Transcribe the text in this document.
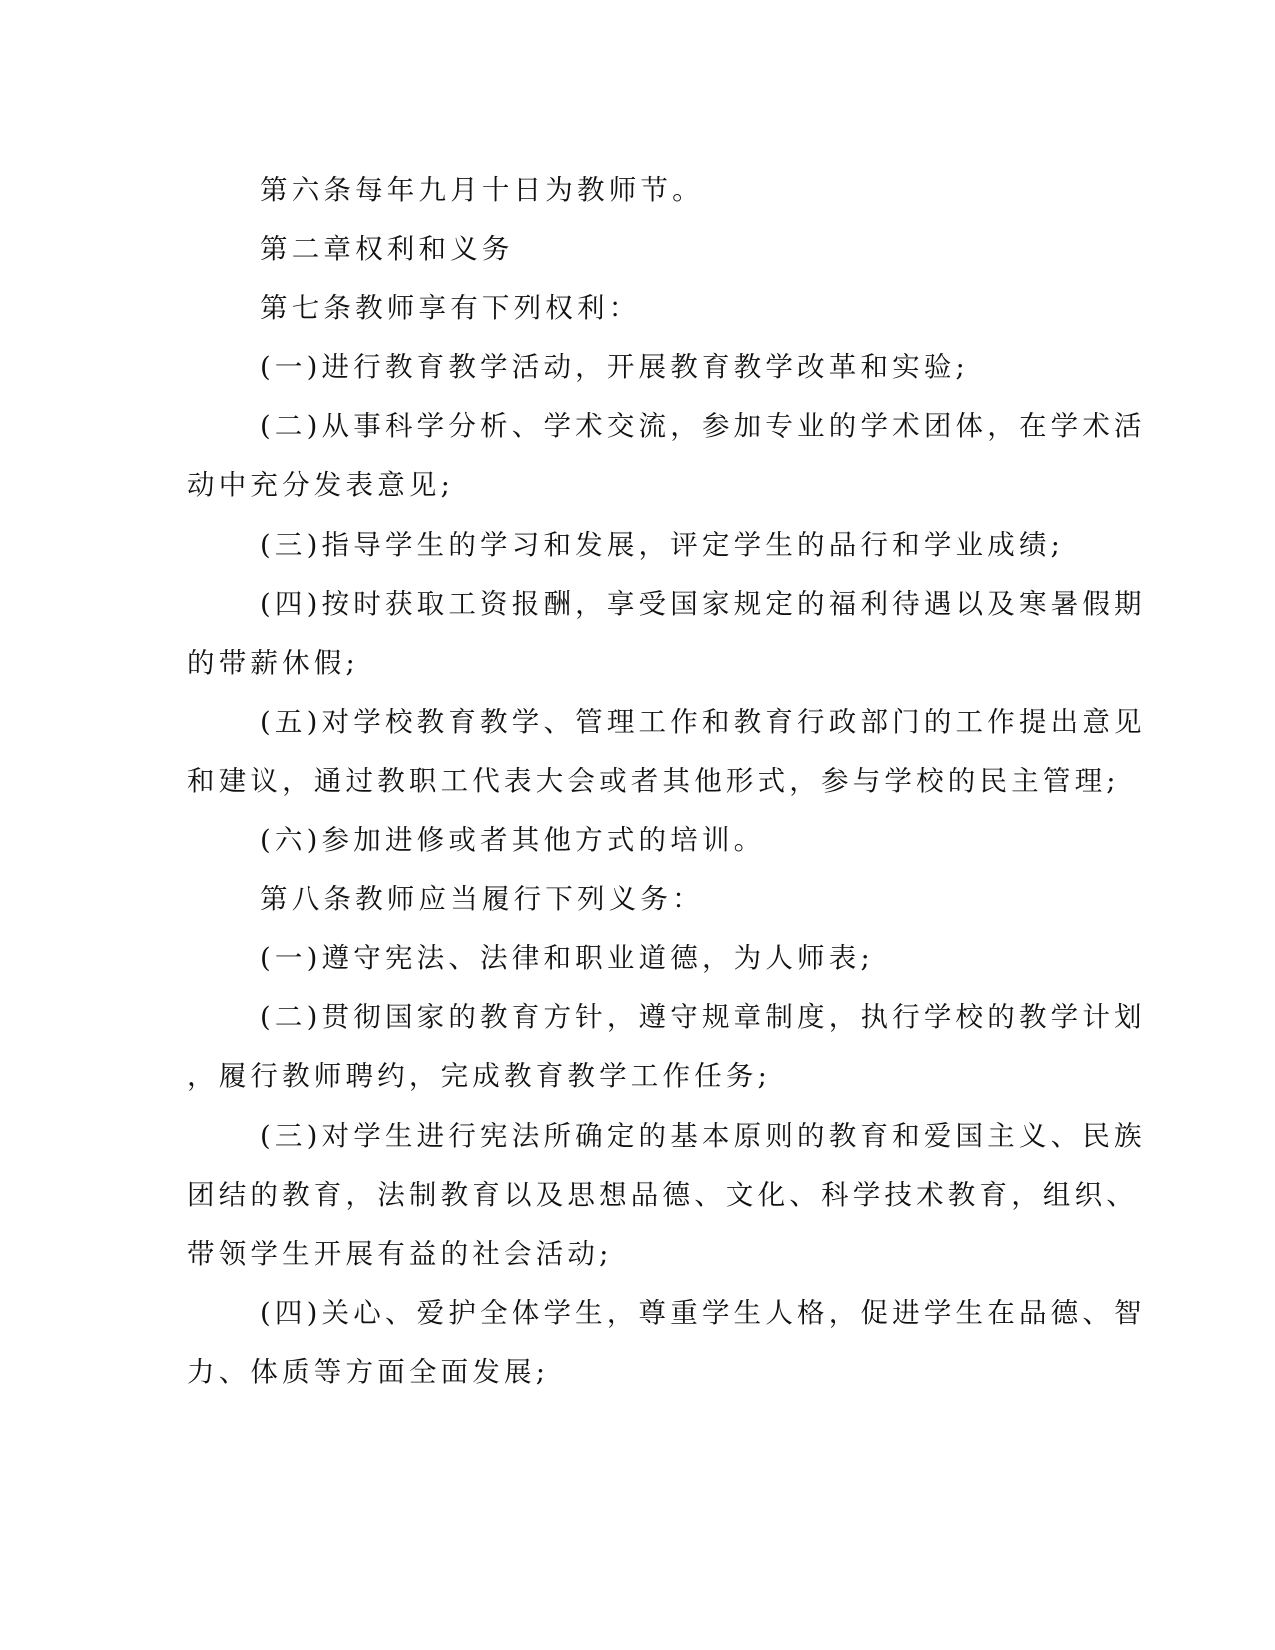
第六条每年九月十日为教师节。
第二章权利和义务
第七条教师享有下列权利：
(一)进行教育教学活动，开展教育教学改革和实验;
(二)从事科学分析、学术交流，参加专业的学术团体，在学术活
动中充分发表意见;
(三)指导学生的学习和发展，评定学生的品行和学业成绩;
(四)按时获取工资报酬，享受国家规定的福利待遇以及寒暑假期
的带薪休假;
(五)对学校教育教学、管理工作和教育行政部门的工作提出意见
和建议，通过教职工代表大会或者其他形式，参与学校的民主管理;
(六)参加进修或者其他方式的培训。
第八条教师应当履行下列义务：
(一)遵守宪法、法律和职业道德，为人师表;
(二)贯彻国家的教育方针，遵守规章制度，执行学校的教学计划
，履行教师聘约，完成教育教学工作任务;
(三)对学生进行宪法所确定的基本原则的教育和爱国主义、民族
团结的教育，法制教育以及思想品德、文化、科学技术教育，组织、
带领学生开展有益的社会活动;
(四)关心、爱护全体学生，尊重学生人格，促进学生在品德、智
力、体质等方面全面发展;
